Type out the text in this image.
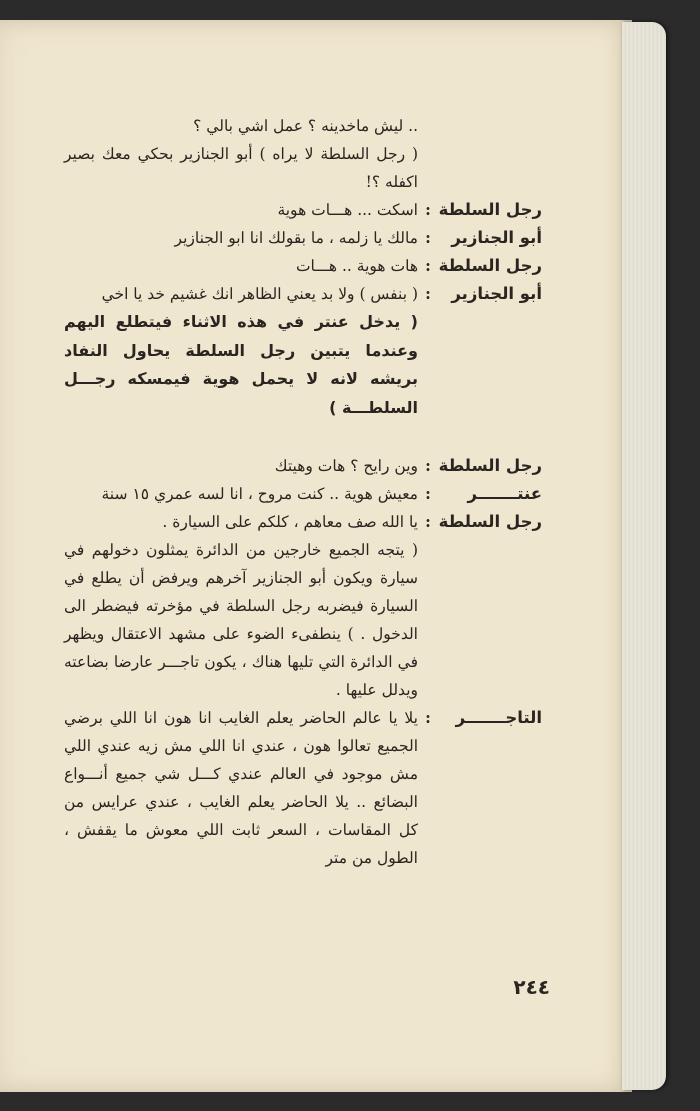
.. ليش ماخدينه ؟ عمل اشي بالي ؟
( رجل السلطة لا يراه ) أبو الجنازير بحكي معك بصير اكفله ؟!
رجل السلطة
:
اسكت ... هـــات هوية
أبو الجنازير
:
مالك يا زلمه ، ما بقولك انا ابو الجنازير
رجل السلطة
:
هات هوية .. هـــات
أبو الجنازير
:
( بنفس ) ولا بد يعني الظاهر انك غشيم خد يا اخي
( يدخل عنتر في هذه الاثناء فيتطلع اليهم وعندما يتبين رجل السلطة يحاول النفاد بريشه لانه لا يحمل هوية فيمسكه رجـــل السلطـــة )
رجل السلطة
:
وين رايح ؟ هات وهيتك
عنتـــــــر
:
معيش هوية .. كنت مروح ، انا لسه عمري ١٥ سنة
رجل السلطة
:
يا الله صف معاهم ، كلكم على السيارة .
( يتجه الجميع خارجين من الدائرة يمثلون دخولهم في سيارة ويكون أبو الجنازير آخرهم ويرفض أن يطلع في السيارة فيضربه رجل السلطة في مؤخرته فيضطر الى الدخول . ) ينطفىء الضوء على مشهد الاعتقال ويظهر في الدائرة التي تليها هناك ، يكون تاجـــر عارضا بضاعته ويدلل عليها .
التاجـــــــر
:
يلا يا عالم الحاضر يعلم الغايب انا هون انا اللي برضي الجميع تعالوا هون ، عندي انا اللي مش زيه عندي اللي مش موجود في العالم عندي كـــل شي جميع أنـــواع البضائع .. يلا الحاضر يعلم الغايب ، عندي عرايس من كل المقاسات ، السعر ثابت اللي معوش ما يقفش ، الطول من متر
٢٤٤
